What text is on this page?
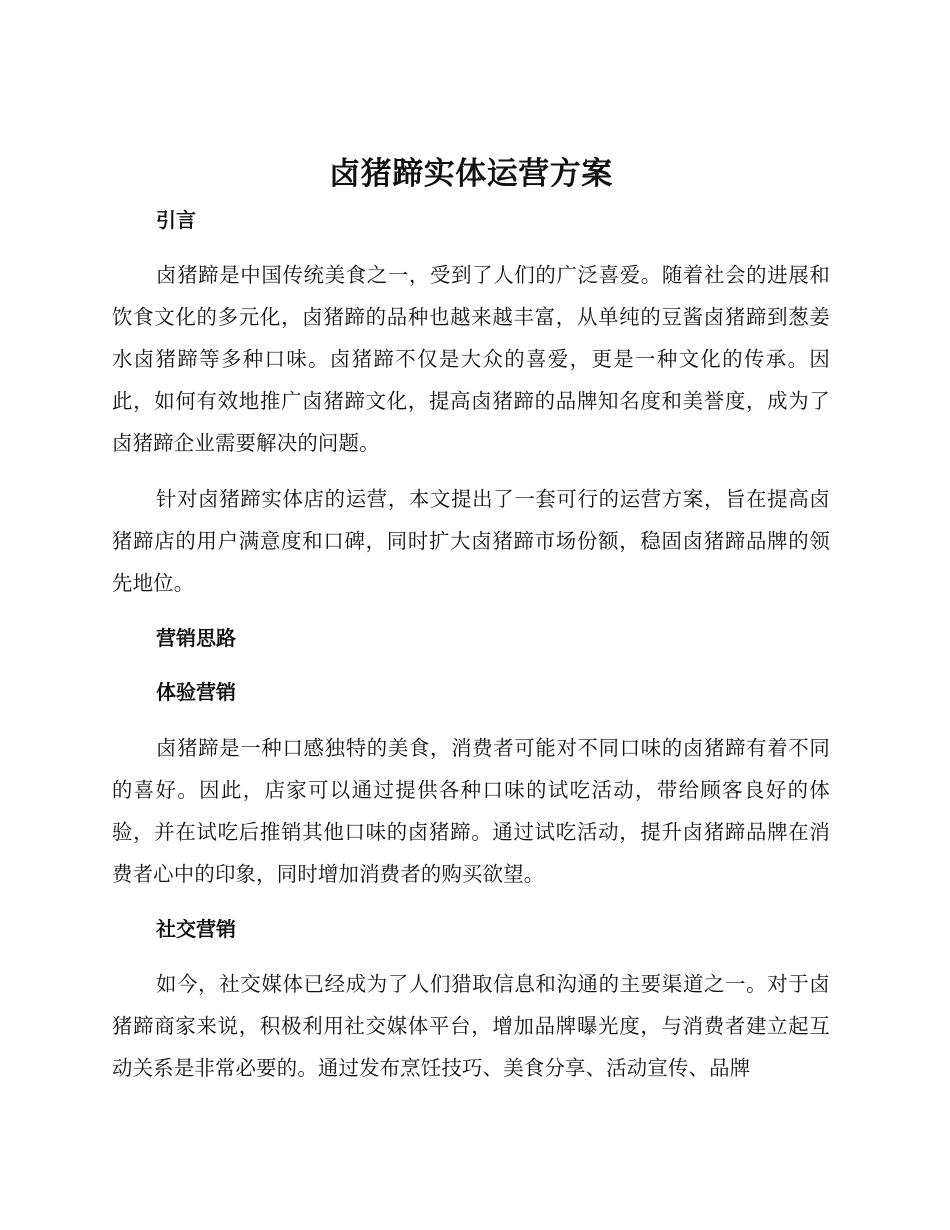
卤猪蹄实体运营方案
引言

卤猪蹄是中国传统美食之一，受到了人们的广泛喜爱。随着社会的进展和饮食文化的多元化，卤猪蹄的品种也越来越丰富，从单纯的豆酱卤猪蹄到葱姜水卤猪蹄等多种口味。卤猪蹄不仅是大众的喜爱，更是一种文化的传承。因此，如何有效地推广卤猪蹄文化，提高卤猪蹄的品牌知名度和美誉度，成为了卤猪蹄企业需要解决的问题。

针对卤猪蹄实体店的运营，本文提出了一套可行的运营方案，旨在提高卤猪蹄店的用户满意度和口碑，同时扩大卤猪蹄市场份额，稳固卤猪蹄品牌的领先地位。

营销思路
体验营销

卤猪蹄是一种口感独特的美食，消费者可能对不同口味的卤猪蹄有着不同的喜好。因此，店家可以通过提供各种口味的试吃活动，带给顾客良好的体验，并在试吃后推销其他口味的卤猪蹄。通过试吃活动，提升卤猪蹄品牌在消费者心中的印象，同时增加消费者的购买欲望。

社交营销

如今，社交媒体已经成为了人们猎取信息和沟通的主要渠道之一。对于卤猪蹄商家来说，积极利用社交媒体平台，增加品牌曝光度，与消费者建立起互动关系是非常必要的。通过发布烹饪技巧、美食分享、活动宣传、品牌
